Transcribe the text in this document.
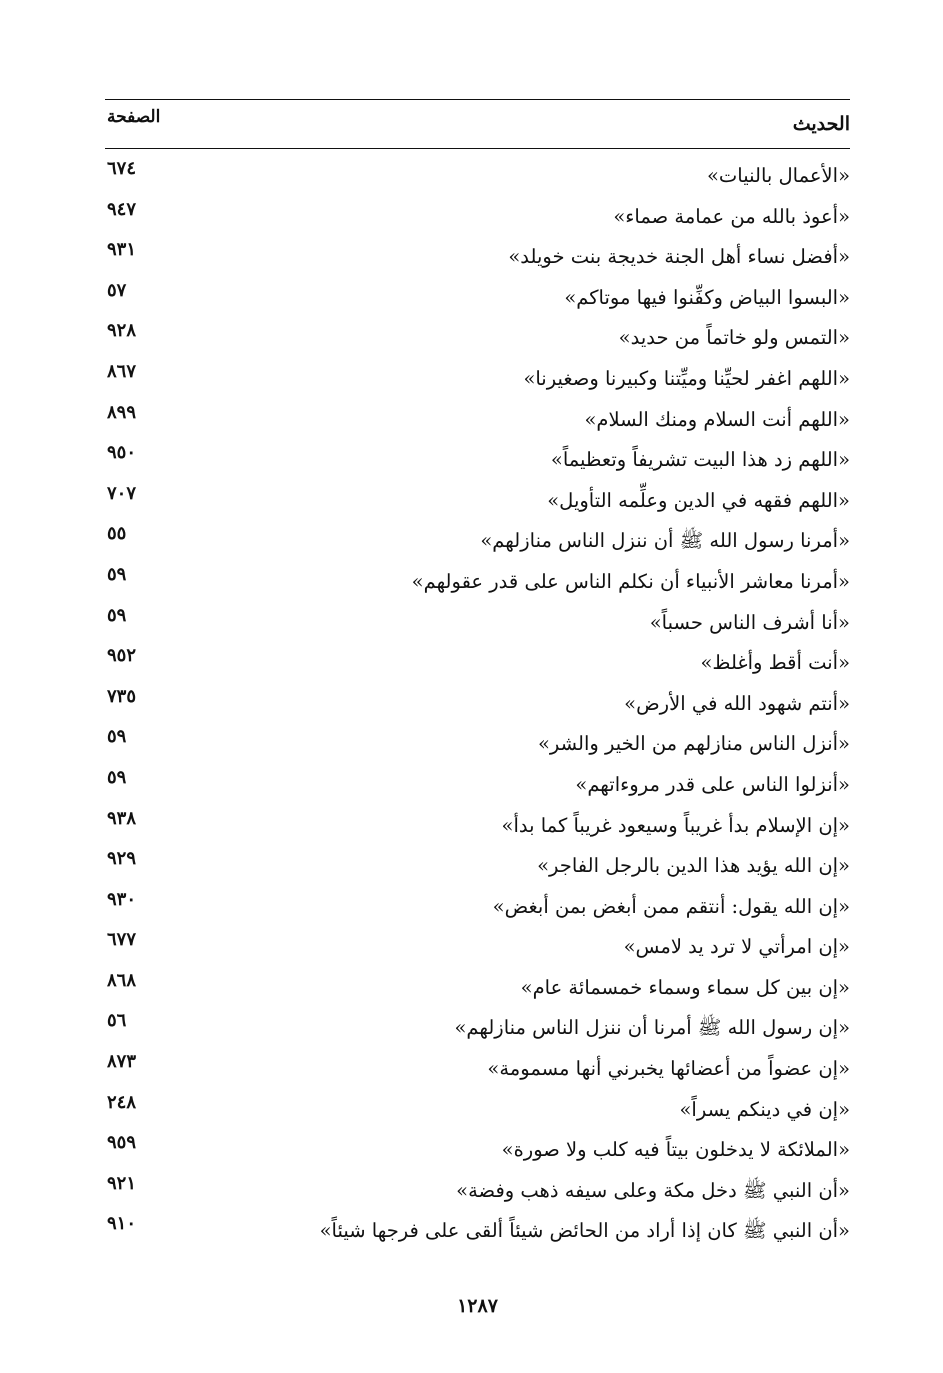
الحديث
الصفحة
«الأعمال بالنيات»
٦٧٤
«أعوذ بالله من عمامة صماء»
٩٤٧
«أفضل نساء أهل الجنة خديجة بنت خويلد»
٩٣١
«البسوا البياض وكفِّنوا فيها موتاكم»
٥٧
«التمس ولو خاتماً من حديد»
٩٢٨
«اللهم اغفر لحيِّنا وميِّتنا وكبيرنا وصغيرنا»
٨٦٧
«اللهم أنت السلام ومنك السلام»
٨٩٩
«اللهم زد هذا البيت تشريفاً وتعظيماً»
٩٥٠
«اللهم فقهه في الدين وعلِّمه التأويل»
٧٠٧
«أمرنا رسول الله ﷺ أن ننزل الناس منازلهم»
٥٥
«أمرنا معاشر الأنبياء أن نكلم الناس على قدر عقولهم»
٥٩
«أنا أشرف الناس حسباً»
٥٩
«أنت أقط وأغلظ»
٩٥٢
«أنتم شهود الله في الأرض»
٧٣٥
«أنزل الناس منازلهم من الخير والشر»
٥٩
«أنزلوا الناس على قدر مروءاتهم»
٥٩
«إن الإسلام بدأ غريباً وسيعود غريباً كما بدأ»
٩٣٨
«إن الله يؤيد هذا الدين بالرجل الفاجر»
٩٢٩
«إن الله يقول: أنتقم ممن أبغض بمن أبغض»
٩٣٠
«إن امرأتي لا ترد يد لامس»
٦٧٧
«إن بين كل سماء وسماء خمسمائة عام»
٨٦٨
«إن رسول الله ﷺ أمرنا أن ننزل الناس منازلهم»
٥٦
«إن عضواً من أعضائها يخبرني أنها مسمومة»
٨٧٣
«إن في دينكم يسراً»
٢٤٨
«الملائكة لا يدخلون بيتاً فيه كلب ولا صورة»
٩٥٩
«أن النبي ﷺ دخل مكة وعلى سيفه ذهب وفضة»
٩٢١
«أن النبي ﷺ كان إذا أراد من الحائض شيئاً ألقى على فرجها شيئاً»
٩١٠
١٢٨٧
